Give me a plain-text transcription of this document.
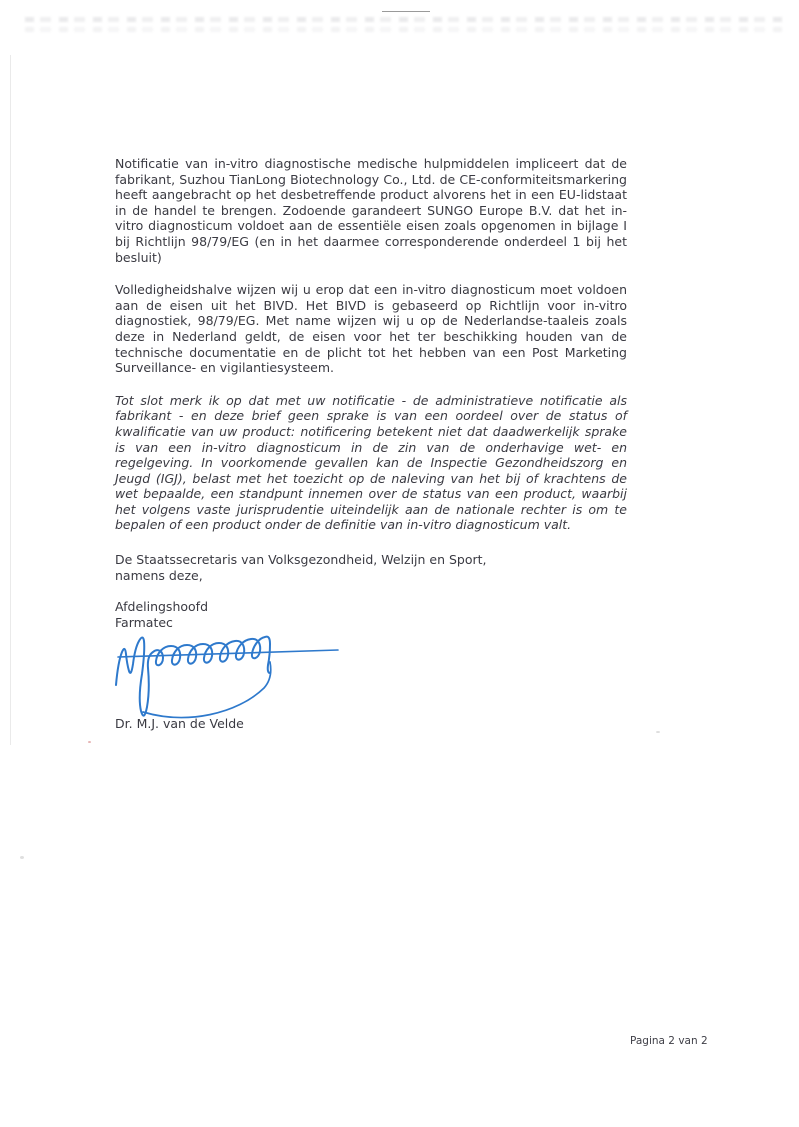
Notificatie van in-vitro diagnostische medische hulpmiddelen impliceert dat de fabrikant, Suzhou TianLong Biotechnology Co., Ltd. de CE-conformiteitsmarkering heeft aangebracht op het desbetreffende product alvorens het in een EU-lidstaat in de handel te brengen. Zodoende garandeert SUNGO Europe B.V. dat het in-vitro diagnosticum voldoet aan de essentiële eisen zoals opgenomen in bijlage I bij Richtlijn 98/79/EG (en in het daarmee corresponderende onderdeel 1 bij het besluit)

Volledigheidshalve wijzen wij u erop dat een in-vitro diagnosticum moet voldoen aan de eisen uit het BIVD. Het BIVD is gebaseerd op Richtlijn voor in-vitro diagnostiek, 98/79/EG. Met name wijzen wij u op de Nederlandse-taaleis zoals deze in Nederland geldt, de eisen voor het ter beschikking houden van de technische documentatie en de plicht tot het hebben van een Post Marketing Surveillance- en vigilantiesysteem.

Tot slot merk ik op dat met uw notificatie - de administratieve notificatie als fabrikant - en deze brief geen sprake is van een oordeel over de status of kwalificatie van uw product: notificering betekent niet dat daadwerkelijk sprake is van een in-vitro diagnosticum in de zin van de onderhavige wet- en regelgeving. In voorkomende gevallen kan de Inspectie Gezondheidszorg en Jeugd (IGJ), belast met het toezicht op de naleving van het bij of krachtens de wet bepaalde, een standpunt innemen over de status van een product, waarbij het volgens vaste jurisprudentie uiteindelijk aan de nationale rechter is om te bepalen of een product onder de definitie van in-vitro diagnosticum valt.

De Staatssecretaris van Volksgezondheid, Welzijn en Sport,
namens deze,
Afdelingshoofd
Farmatec
Dr. M.J. van de Velde
Pagina 2 van 2
